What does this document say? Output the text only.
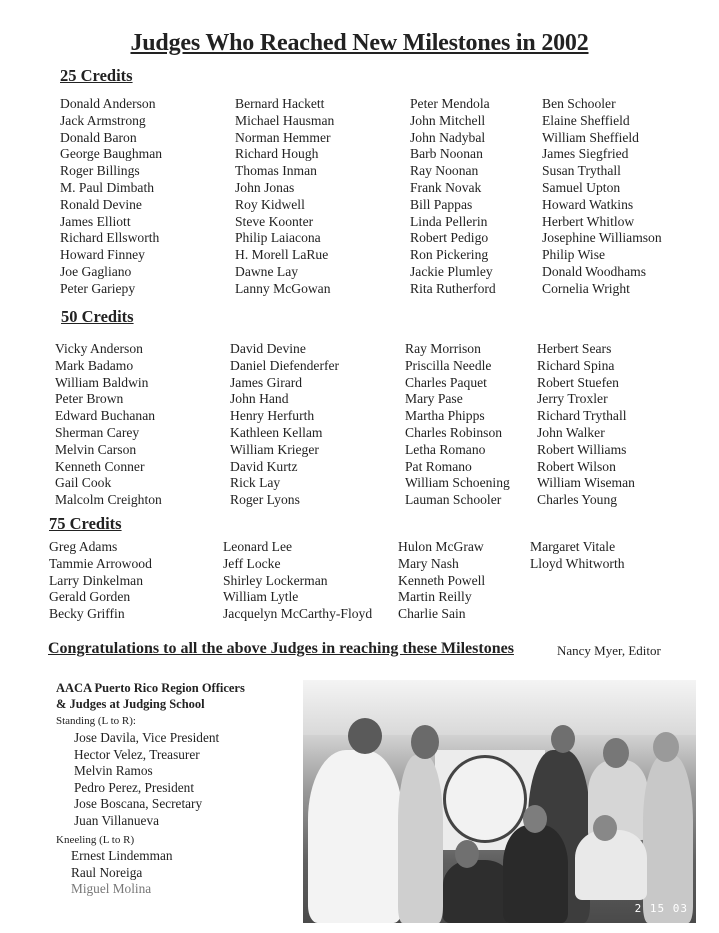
Judges Who Reached New Milestones in 2002
25 Credits
Donald Anderson
Jack Armstrong
Donald Baron
George Baughman
Roger Billings
M. Paul Dimbath
Ronald Devine
James Elliott
Richard Ellsworth
Howard Finney
Joe Gagliano
Peter Gariepy
Bernard Hackett
Michael Hausman
Norman Hemmer
Richard Hough
Thomas Inman
John Jonas
Roy Kidwell
Steve Koonter
Philip Laiacona
H. Morell LaRue
Dawne Lay
Lanny McGowan
Peter Mendola
John Mitchell
John Nadybal
Barb Noonan
Ray Noonan
Frank Novak
Bill Pappas
Linda Pellerin
Robert Pedigo
Ron Pickering
Jackie Plumley
Rita Rutherford
Ben Schooler
Elaine Sheffield
William Sheffield
James Siegfried
Susan Trythall
Samuel Upton
Howard Watkins
Herbert Whitlow
Josephine Williamson
Philip Wise
Donald Woodhams
Cornelia Wright
50 Credits
Vicky Anderson
Mark Badamo
William Baldwin
Peter Brown
Edward Buchanan
Sherman Carey
Melvin Carson
Kenneth Conner
Gail Cook
Malcolm Creighton
David Devine
Daniel Diefenderfer
James Girard
John Hand
Henry Herfurth
Kathleen Kellam
William Krieger
David Kurtz
Rick Lay
Roger Lyons
Ray Morrison
Priscilla Needle
Charles Paquet
Mary Pase
Martha Phipps
Charles Robinson
Letha Romano
Pat Romano
William Schoening
Lauman Schooler
Herbert Sears
Richard Spina
Robert Stuefen
Jerry Troxler
Richard Trythall
John Walker
Robert Williams
Robert Wilson
William Wiseman
Charles Young
75 Credits
Greg Adams
Tammie Arrowood
Larry Dinkelman
Gerald Gorden
Becky Griffin
Leonard Lee
Jeff Locke
Shirley Lockerman
William Lytle
Jacquelyn McCarthy-Floyd
Hulon McGraw
Mary Nash
Kenneth Powell
Martin Reilly
Charlie Sain
Margaret Vitale
Lloyd Whitworth
Congratulations to all the above Judges in reaching these Milestones	Nancy Myer, Editor
AACA Puerto Rico Region Officers
& Judges at Judging School
Standing (L to R):
Jose Davila, Vice President
Hector Velez, Treasurer
Melvin Ramos
Pedro Perez, President
Jose Boscana, Secretary
Juan Villanueva
Kneeling (L to R)
Ernest Lindemman
Raul Noreiga
Miguel Molina
2 15 03
